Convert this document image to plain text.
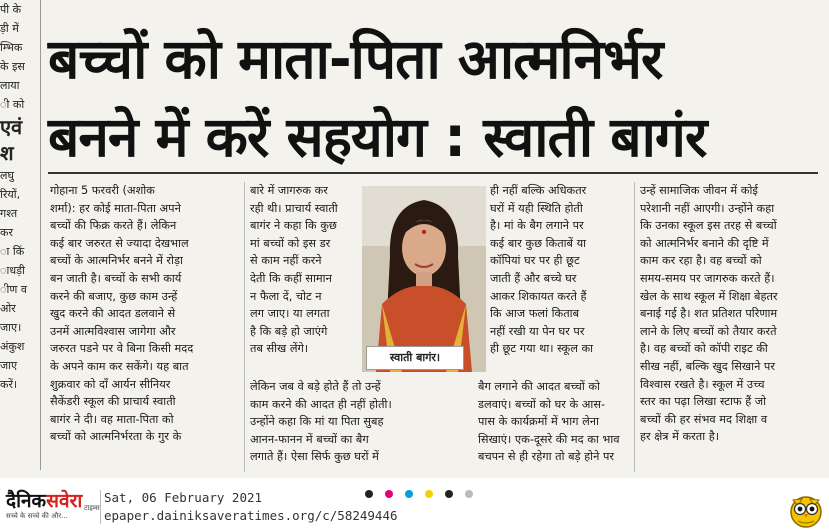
पी के
ड़ी में
म्भिक
के इस
लाया
ी को
एवं
श
लघु
रियों,
गश्त
कर
ा किं
ाधड़ी
ीण व
ओर
जाए।
अंकुश
जाए
करें।
बच्चों को माता-पिता आत्मनिर्भर
बनने में करें सहयोग : स्वाती बागंर

गोहाना 5 फरवरी (अशोक

शर्मा): हर कोई माता-पिता अपने

बच्चों की फिक्र करते हैं। लेकिन

कई बार जरुरत से ज्यादा देखभाल

बच्चों के आत्मनिर्भर बनने में रोड़ा

बन जाती है। बच्चों के सभी कार्य

करने की बजाए, कुछ काम उन्हें

खुद करने की आदत डलवाने से

उनमें आत्मविश्वास जागेगा और

जरुरत पडने पर वे बिना किसी मदद

के अपने काम कर सकेंगे। यह बात

शुक्रवार को दाँ आर्यन सीनियर

सैकेंडरी स्कूल की प्राचार्य स्वाती

बागंर ने दी। वह माता-पिता को

बच्चों को आत्मनिर्भरता के गुर के

बारे में जागरुक कर

रही थी। प्राचार्य स्वाती

बागंर ने कहा कि कुछ

मां बच्चों को इस डर

से काम नहीं करने

देती कि कहीं सामान

न फैला दें, चोट न

लग जाए। या लगता

है कि बड़े हो जाएंगे

तब सीख लेंगे।

लेकिन जब वे बड़े होते हैं तो उन्हें

काम करने की आदत ही नहीं होती।

उन्होंने कहा कि मां या पिता सुबह

आनन-फानन में बच्चों का बैग

लगाते हैं। ऐसा सिर्फ कुछ घरों में

ही नहीं बल्कि अधिकतर

घरों में यही स्थिति होती

है। मां के बैग लगाने पर

कई बार कुछ किताबें या

कॉपियां घर पर ही छूट

जाती हैं और बच्चे घर

आकर शिकायत करते हैं

कि आज फलां किताब

नहीं रखी या पेन घर पर

ही छूट गया था। स्कूल का

बैग लगाने की आदत बच्चों को

डलवाएं। बच्चों को घर के आस-

पास के कार्यक्रमों में भाग लेना

सिखाएं। एक-दूसरे की मद का भाव

बचपन से ही रहेगा तो बड़े होने पर

उन्हें सामाजिक जीवन में कोई

परेशानी नहीं आएगी। उन्होंने कहा

कि उनका स्कूल इस तरह से बच्चों

को आत्मनिर्भर बनाने की दृष्टि में

काम कर रहा है। वह बच्चों को

समय-समय पर जागरुक करते हैं।

खेल के साथ स्कूल में शिक्षा बेहतर

बनाई गई है। शत प्रतिशत परिणाम

लाने के लिए बच्चों को तैयार करते

है। वह बच्चों को कॉपी राइट की

सीख नहीं, बल्कि खुद सिखाने पर

विश्वास रखते है। स्कूल में उच्च

स्तर का पढ़ा लिखा स्टाफ हैं जो

बच्चों की हर संभव मद शिक्षा व

हर क्षेत्र में करता है।

स्वाती बागंर।
दैनिकसवेरा
सच्चे के सच्चे की और...
टाइम्स
Sat, 06 February 2021
epaper.dainiksaveratimes.org/c/58249446
